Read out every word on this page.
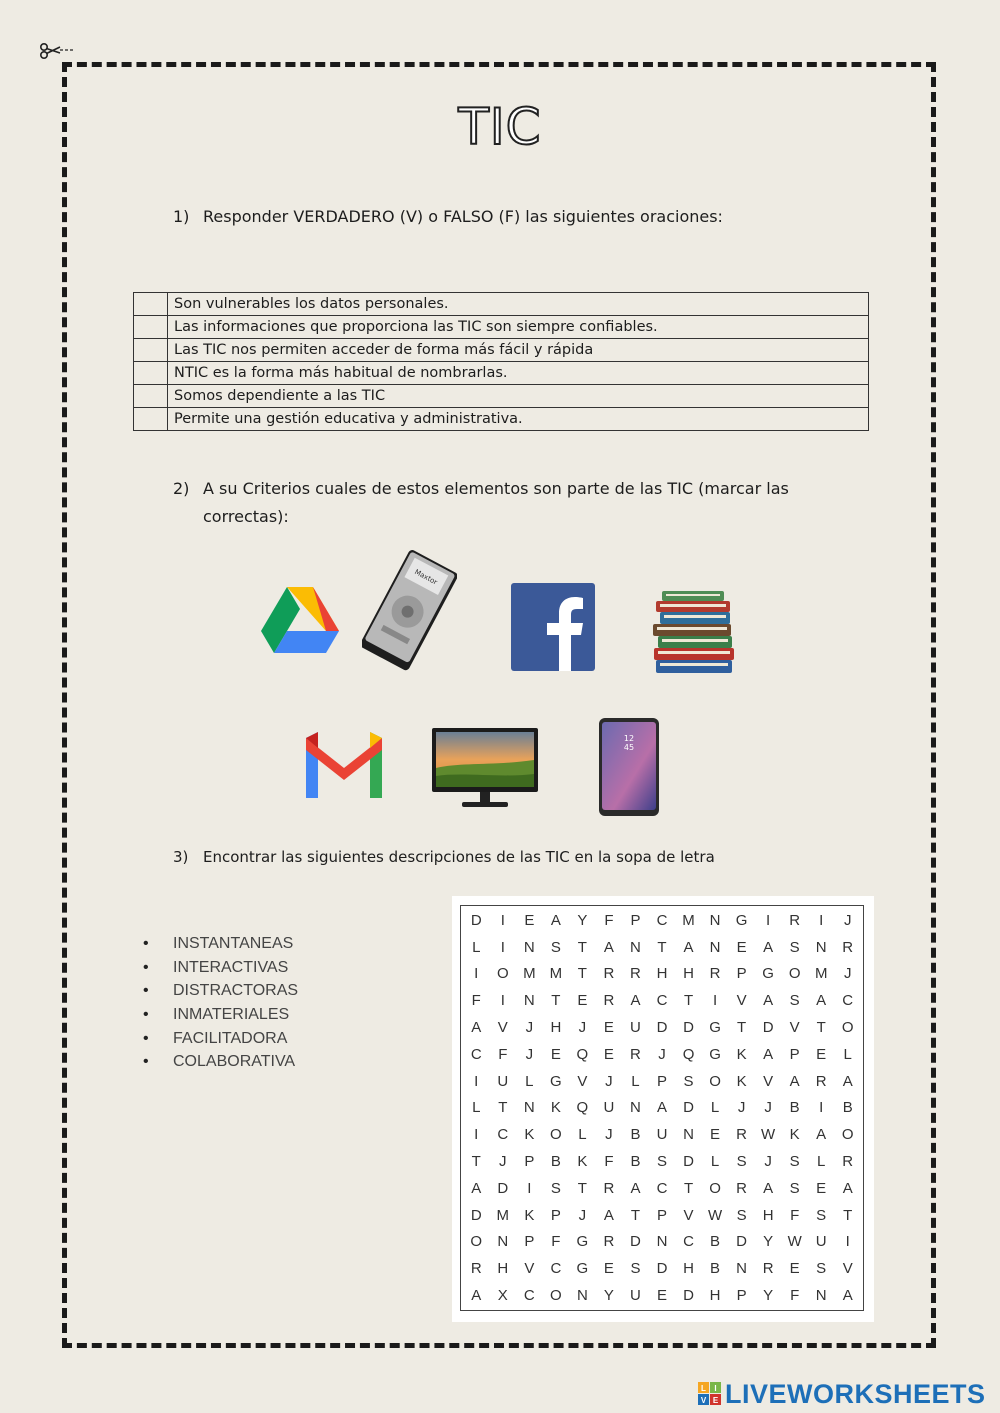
TIC
1) Responder VERDADERO (V) o FALSO (F) las siguientes oraciones:
	Son vulnerables los datos personales.
	Las informaciones que proporciona las TIC son siempre confiables.
	Las TIC nos permiten acceder de forma más fácil y rápida
	NTIC es la forma más habitual de nombrarlas.
	Somos dependiente a las TIC
	Permite una gestión educativa y administrativa.
2) A su Criterios cuales de estos elementos son parte de las TIC (marcar las
correctas):
Maxtor
12
45
3) Encontrar las siguientes descripciones de las TIC en la sopa de letra
• INSTANTANEAS
• INTERACTIVAS
• DISTRACTORAS
• INMATERIALES
• FACILITADORA
• COLABORATIVA
D	I	E	A	Y	F	P	C M N	G	I	R	I	J
L	I	N	S	T	A	N	T	A	N	E	A	S	N	R
I	O M M	T	R	R	H	H	R	P	G O M	J
F	I	N	T	E	R	A	C	T	I	V	A	S	A	C
A	V	J	H	J	E	U	D	D	G	T	D	V	T	O
C	F	J	E	Q	E	R	J	Q G	K	A	P	E	L
I	U	L	G	V	J	L	P	S	O	K	V	A	R	A
L	T	N	K	Q	U	N	A	D	L	J	J	B	I	B
I	C	K	O	L	J	B	U	N	E	R W K	A	O
T	J	P	B	K	F	B	S	D	L	S	J	S	L	R
A	D	I	S	T	R	A	C	T	O	R	A	S	E	A
D M	K	P	J	A	T	P	V W S	H	F	S	T
O	N	P	F	G	R	D	N	C	B	D	Y W U	I
R	H	V	C	G	E	S	D	H	B	N	R	E	S	V
A	X	C	O	N	Y	U	E	D	H	P	Y	F	N	A
L I
V E LIVEWORKSHEETS
